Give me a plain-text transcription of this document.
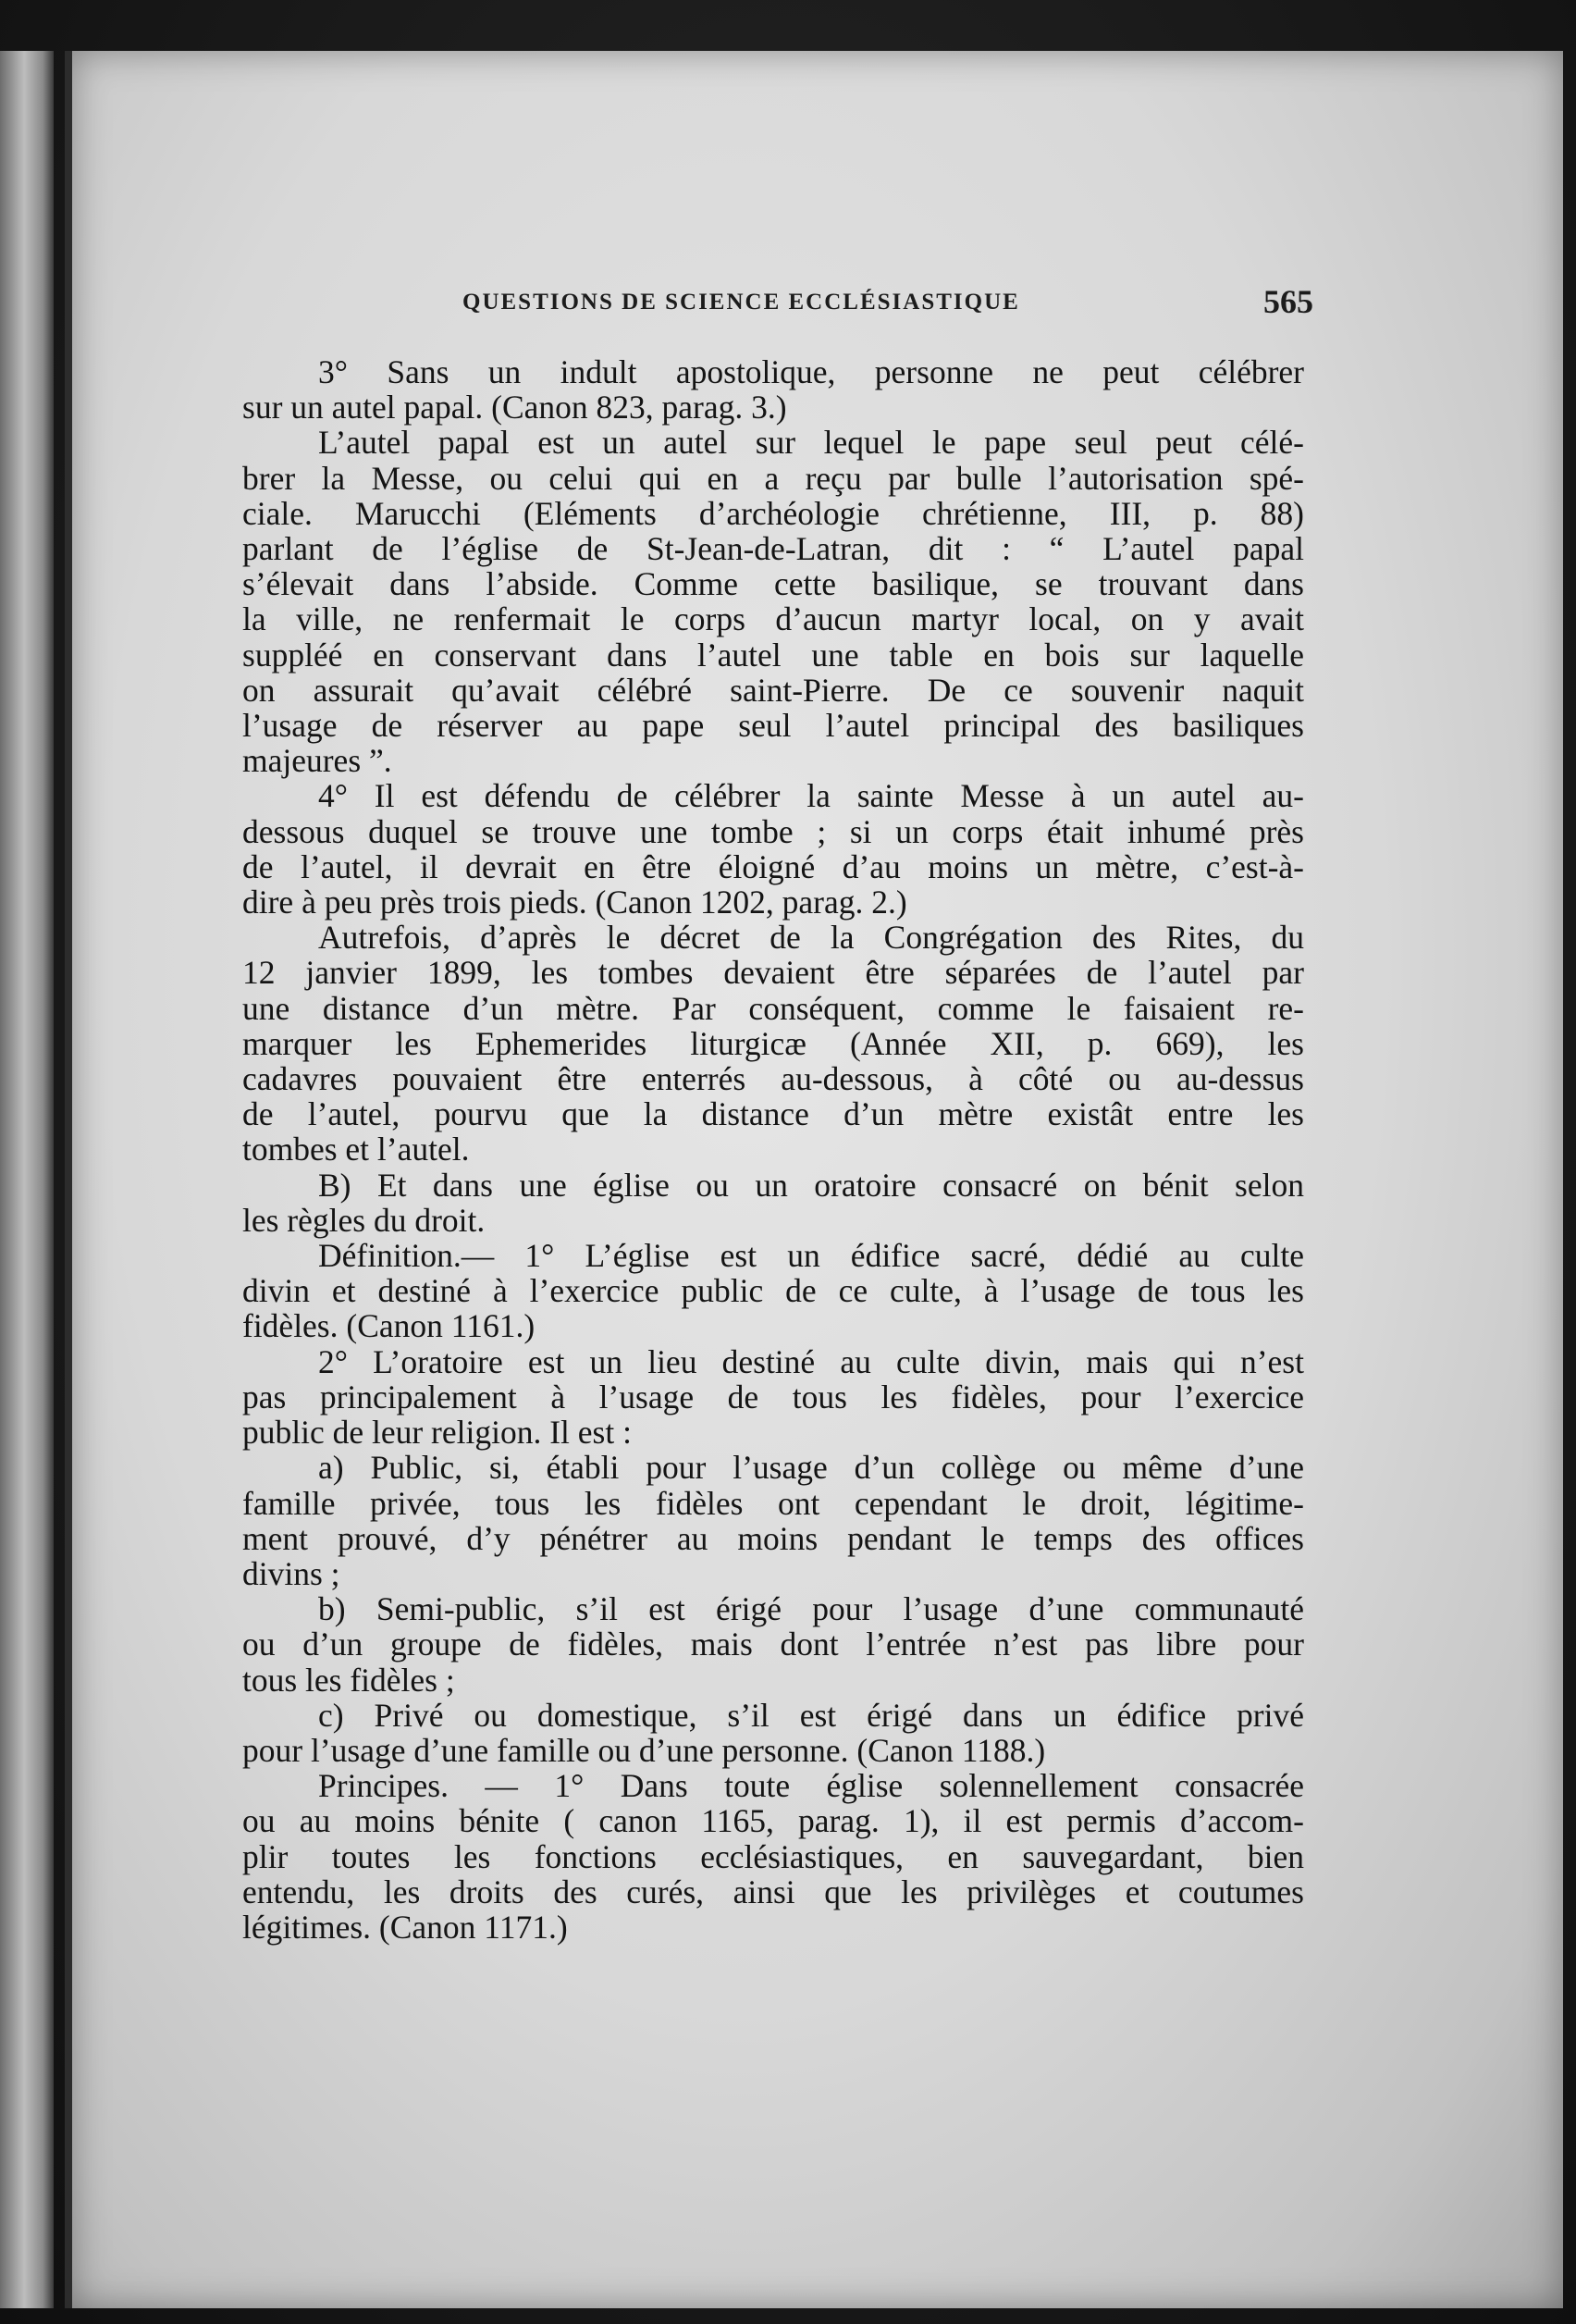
QUESTIONS DE SCIENCE ECCLÉSIASTIQUE	565
3° Sans un indult apostolique, personne ne peut célébrer
sur un autel papal. (Canon 823, parag. 3.)
L’autel papal est un autel sur lequel le pape seul peut célé-
brer la Messe, ou celui qui en a reçu par bulle l’autorisation spé-
ciale. Marucchi (Eléments d’archéologie chrétienne, III, p. 88)
parlant de l’église de St-Jean-de-Latran, dit : “ L’autel papal
s’élevait dans l’abside. Comme cette basilique, se trouvant dans
la ville, ne renfermait le corps d’aucun martyr local, on y avait
suppléé en conservant dans l’autel une table en bois sur laquelle
on assurait qu’avait célébré saint-Pierre. De ce souvenir naquit
l’usage de réserver au pape seul l’autel principal des basiliques
majeures ”.
4° Il est défendu de célébrer la sainte Messe à un autel au-
dessous duquel se trouve une tombe ; si un corps était inhumé près
de l’autel, il devrait en être éloigné d’au moins un mètre, c’est-à-
dire à peu près trois pieds. (Canon 1202, parag. 2.)
Autrefois, d’après le décret de la Congrégation des Rites, du
12 janvier 1899, les tombes devaient être séparées de l’autel par
une distance d’un mètre. Par conséquent, comme le faisaient re-
marquer les Ephemerides liturgicæ (Année XII, p. 669), les
cadavres pouvaient être enterrés au-dessous, à côté ou au-dessus
de l’autel, pourvu que la distance d’un mètre existât entre les
tombes et l’autel.
B) Et dans une église ou un oratoire consacré on bénit selon
les règles du droit.
Définition.— 1° L’église est un édifice sacré, dédié au culte
divin et destiné à l’exercice public de ce culte, à l’usage de tous les
fidèles. (Canon 1161.)
2° L’oratoire est un lieu destiné au culte divin, mais qui n’est
pas principalement à l’usage de tous les fidèles, pour l’exercice
public de leur religion. Il est :
a) Public, si, établi pour l’usage d’un collège ou même d’une
famille privée, tous les fidèles ont cependant le droit, légitime-
ment prouvé, d’y pénétrer au moins pendant le temps des offices
divins ;
b) Semi-public, s’il est érigé pour l’usage d’une communauté
ou d’un groupe de fidèles, mais dont l’entrée n’est pas libre pour
tous les fidèles ;
c) Privé ou domestique, s’il est érigé dans un édifice privé
pour l’usage d’une famille ou d’une personne. (Canon 1188.)
Principes. — 1° Dans toute église solennellement consacrée
ou au moins bénite ( canon 1165, parag. 1), il est permis d’accom-
plir toutes les fonctions ecclésiastiques, en sauvegardant, bien
entendu, les droits des curés, ainsi que les privilèges et coutumes
légitimes. (Canon 1171.)
